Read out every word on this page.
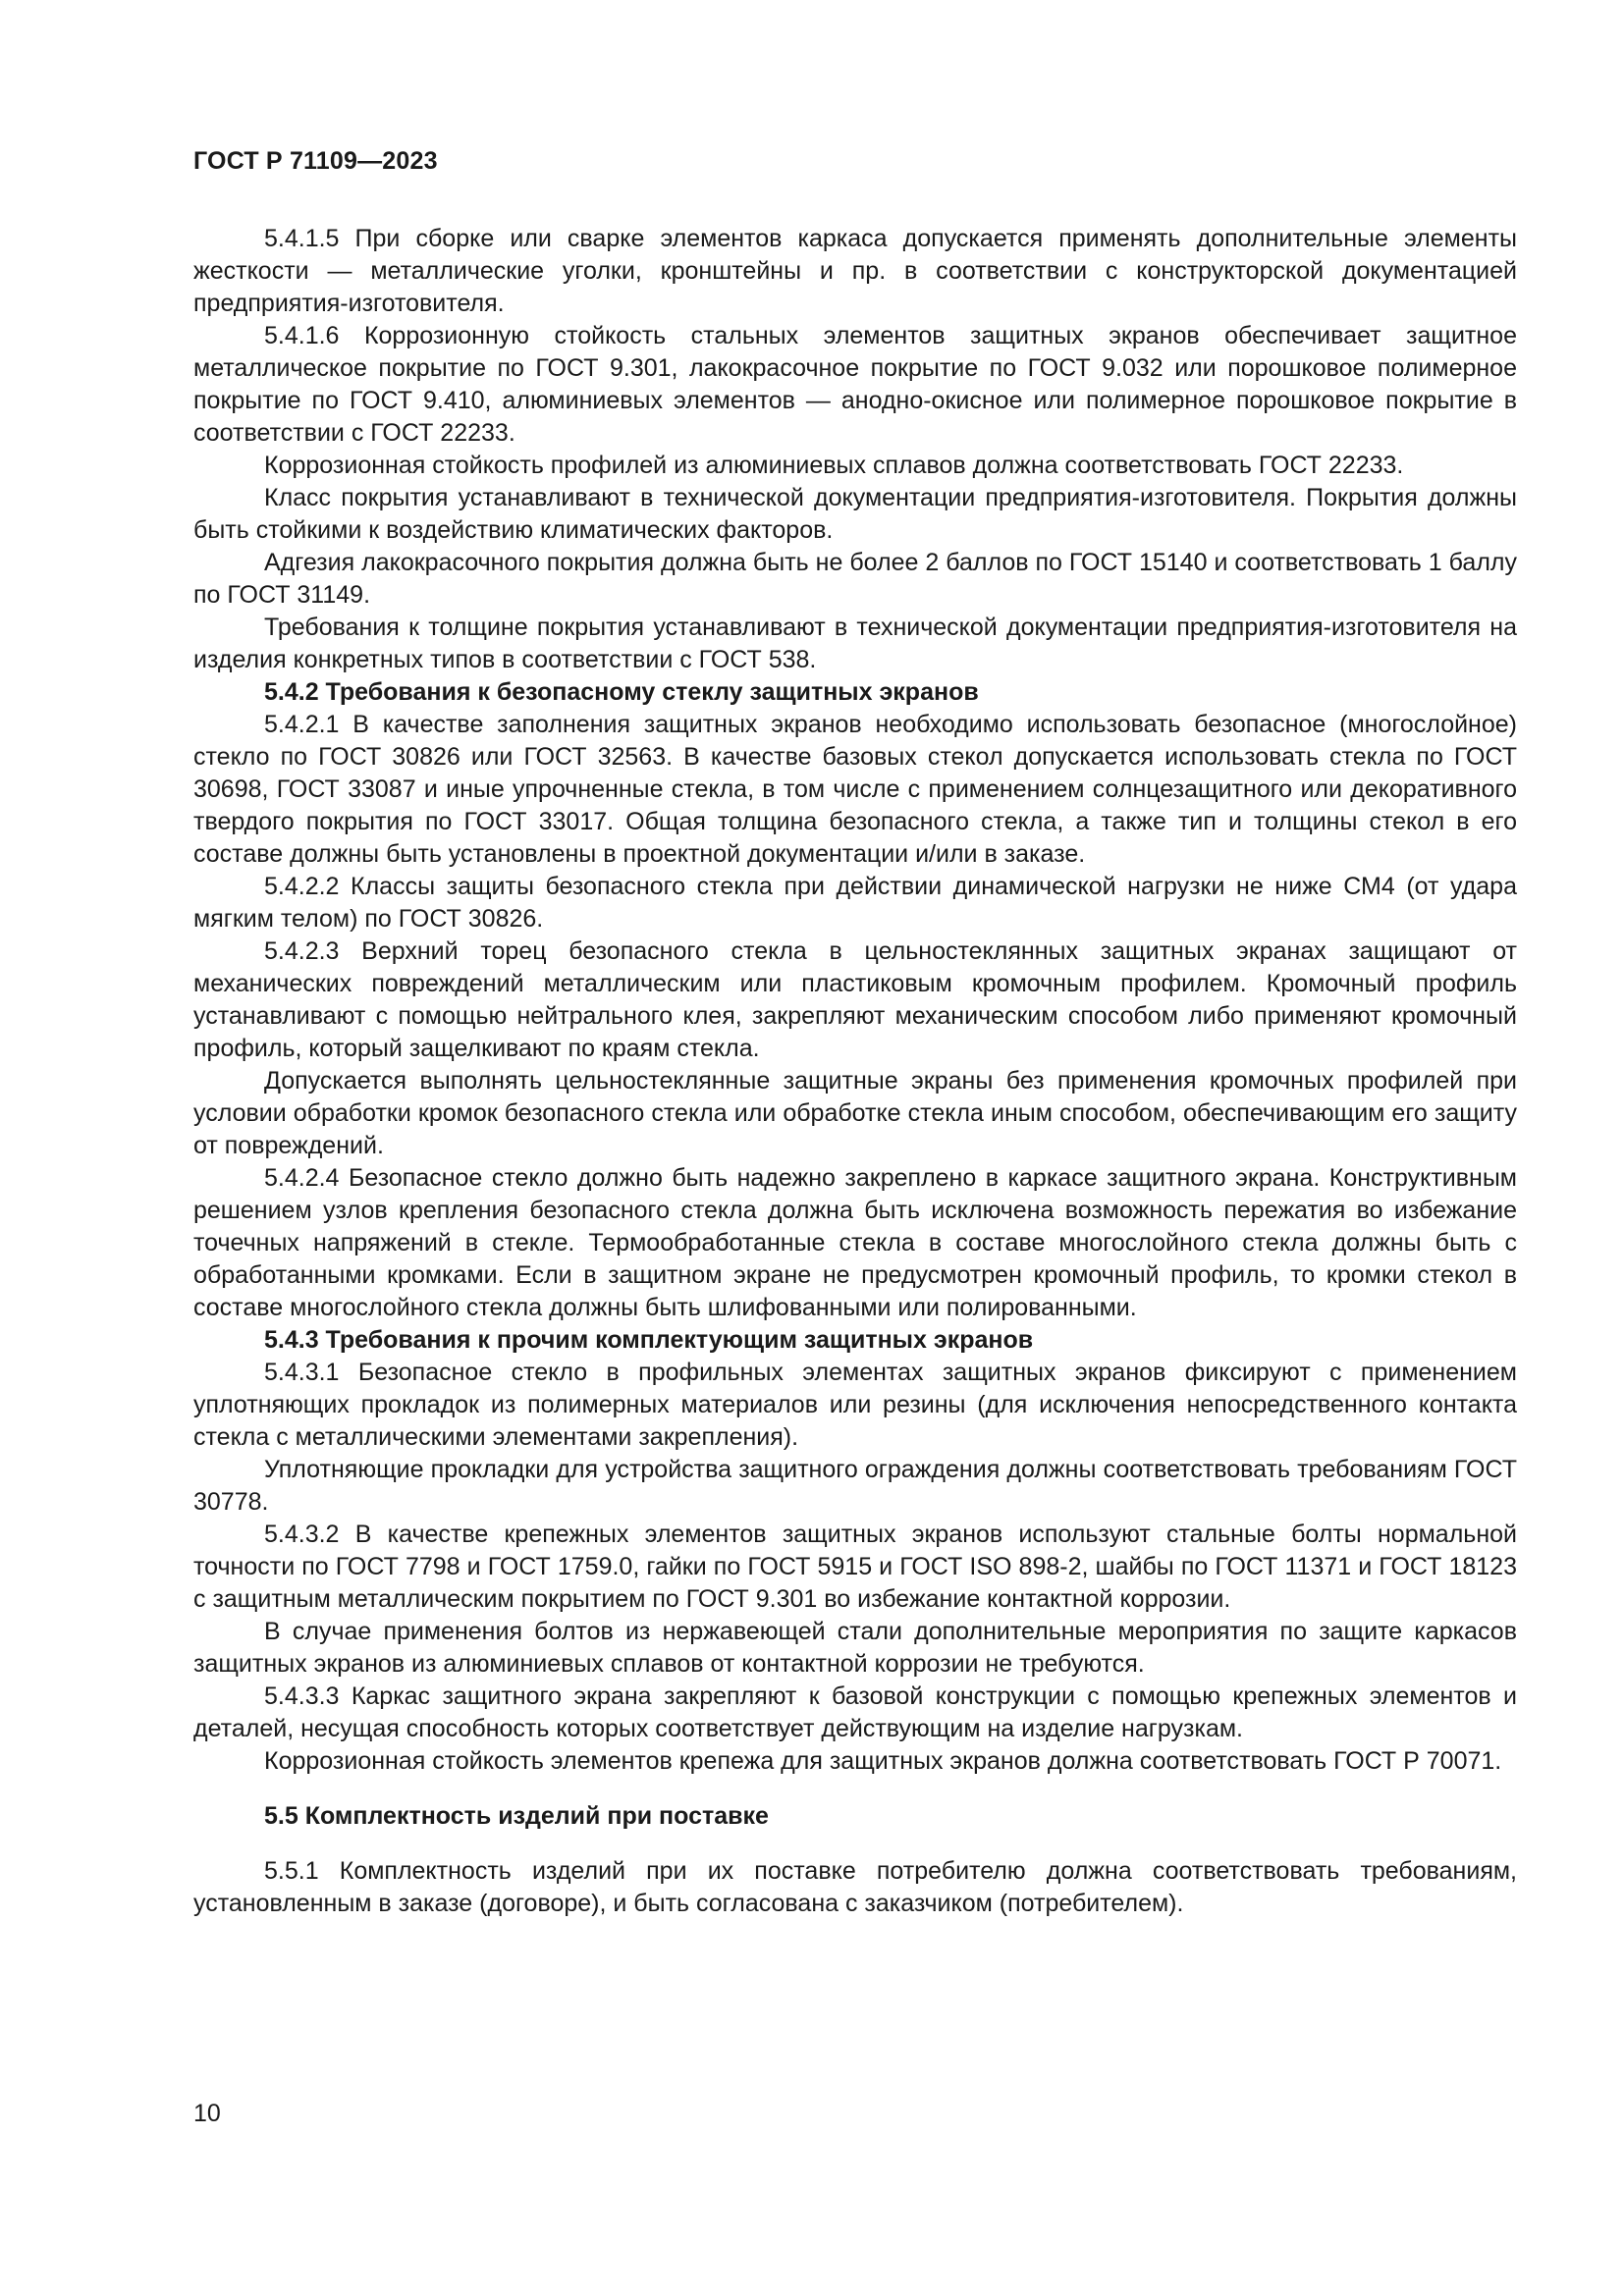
ГОСТ Р 71109—2023

5.4.1.5 При сборке или сварке элементов каркаса допускается применять дополнительные элементы жесткости — металлические уголки, кронштейны и пр. в соответствии с конструкторской документацией предприятия-изготовителя.

5.4.1.6 Коррозионную стойкость стальных элементов защитных экранов обеспечивает защитное металлическое покрытие по ГОСТ 9.301, лакокрасочное покрытие по ГОСТ 9.032 или порошковое полимерное покрытие по ГОСТ 9.410, алюминиевых элементов — анодно-окисное или полимерное порошковое покрытие в соответствии с ГОСТ 22233.

Коррозионная стойкость профилей из алюминиевых сплавов должна соответствовать ГОСТ 22233.

Класс покрытия устанавливают в технической документации предприятия-изготовителя. Покрытия должны быть стойкими к воздействию климатических факторов.

Адгезия лакокрасочного покрытия должна быть не более 2 баллов по ГОСТ 15140 и соответствовать 1 баллу по ГОСТ 31149.

Требования к толщине покрытия устанавливают в технической документации предприятия-изготовителя на изделия конкретных типов в соответствии с ГОСТ 538.

5.4.2 Требования к безопасному стеклу защитных экранов

5.4.2.1 В качестве заполнения защитных экранов необходимо использовать безопасное (многослойное) стекло по ГОСТ 30826 или ГОСТ 32563. В качестве базовых стекол допускается использовать стекла по ГОСТ 30698, ГОСТ 33087 и иные упрочненные стекла, в том числе с применением солнцезащитного или декоративного твердого покрытия по ГОСТ 33017. Общая толщина безопасного стекла, а также тип и толщины стекол в его составе должны быть установлены в проектной документации и/или в заказе.

5.4.2.2 Классы защиты безопасного стекла при действии динамической нагрузки не ниже СМ4 (от удара мягким телом) по ГОСТ 30826.

5.4.2.3 Верхний торец безопасного стекла в цельностеклянных защитных экранах защищают от механических повреждений металлическим или пластиковым кромочным профилем. Кромочный профиль устанавливают с помощью нейтрального клея, закрепляют механическим способом либо применяют кромочный профиль, который защелкивают по краям стекла.

Допускается выполнять цельностеклянные защитные экраны без применения кромочных профилей при условии обработки кромок безопасного стекла или обработке стекла иным способом, обеспечивающим его защиту от повреждений.

5.4.2.4 Безопасное стекло должно быть надежно закреплено в каркасе защитного экрана. Конструктивным решением узлов крепления безопасного стекла должна быть исключена возможность пережатия во избежание точечных напряжений в стекле. Термообработанные стекла в составе многослойного стекла должны быть с обработанными кромками. Если в защитном экране не предусмотрен кромочный профиль, то кромки стекол в составе многослойного стекла должны быть шлифованными или полированными.

5.4.3 Требования к прочим комплектующим защитных экранов

5.4.3.1 Безопасное стекло в профильных элементах защитных экранов фиксируют с применением уплотняющих прокладок из полимерных материалов или резины (для исключения непосредственного контакта стекла с металлическими элементами закрепления).

Уплотняющие прокладки для устройства защитного ограждения должны соответствовать требованиям ГОСТ 30778.

5.4.3.2 В качестве крепежных элементов защитных экранов используют стальные болты нормальной точности по ГОСТ 7798 и ГОСТ 1759.0, гайки по ГОСТ 5915 и ГОСТ ISO 898-2, шайбы по ГОСТ 11371 и ГОСТ 18123 с защитным металлическим покрытием по ГОСТ 9.301 во избежание контактной коррозии.

В случае применения болтов из нержавеющей стали дополнительные мероприятия по защите каркасов защитных экранов из алюминиевых сплавов от контактной коррозии не требуются.

5.4.3.3 Каркас защитного экрана закрепляют к базовой конструкции с помощью крепежных элементов и деталей, несущая способность которых соответствует действующим на изделие нагрузкам.

Коррозионная стойкость элементов крепежа для защитных экранов должна соответствовать ГОСТ Р 70071.

5.5 Комплектность изделий при поставке

5.5.1 Комплектность изделий при их поставке потребителю должна соответствовать требованиям, установленным в заказе (договоре), и быть согласована с заказчиком (потребителем).

10
